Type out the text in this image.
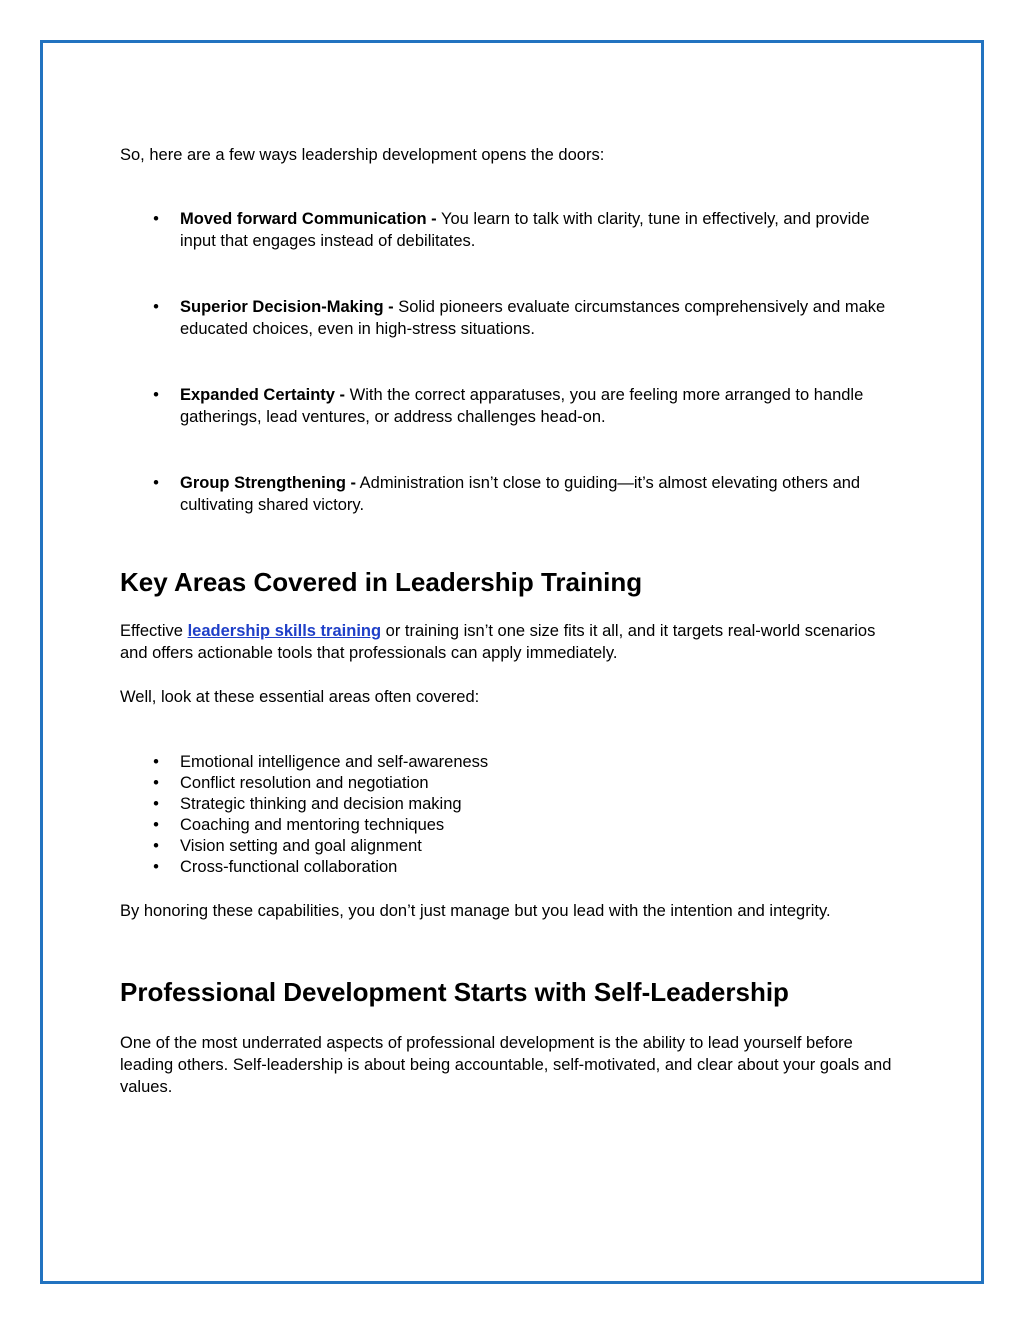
So, here are a few ways leadership development opens the doors:

• Moved forward Communication - You learn to talk with clarity, tune in effectively, and provide input that engages instead of debilitates.
• Superior Decision-Making - Solid pioneers evaluate circumstances comprehensively and make educated choices, even in high-stress situations.
• Expanded Certainty - With the correct apparatuses, you are feeling more arranged to handle gatherings, lead ventures, or address challenges head-on.
• Group Strengthening - Administration isn’t close to guiding—it’s almost elevating others and cultivating shared victory.
Key Areas Covered in Leadership Training

Effective leadership skills training or training isn’t one size fits it all, and it targets real-world scenarios and offers actionable tools that professionals can apply immediately.

Well, look at these essential areas often covered:

• Emotional intelligence and self-awareness
• Conflict resolution and negotiation
• Strategic thinking and decision making
• Coaching and mentoring techniques
• Vision setting and goal alignment
• Cross-functional collaboration

By honoring these capabilities, you don’t just manage but you lead with the intention and integrity.

Professional Development Starts with Self-Leadership

One of the most underrated aspects of professional development is the ability to lead yourself before leading others. Self-leadership is about being accountable, self-motivated, and clear about your goals and values.
